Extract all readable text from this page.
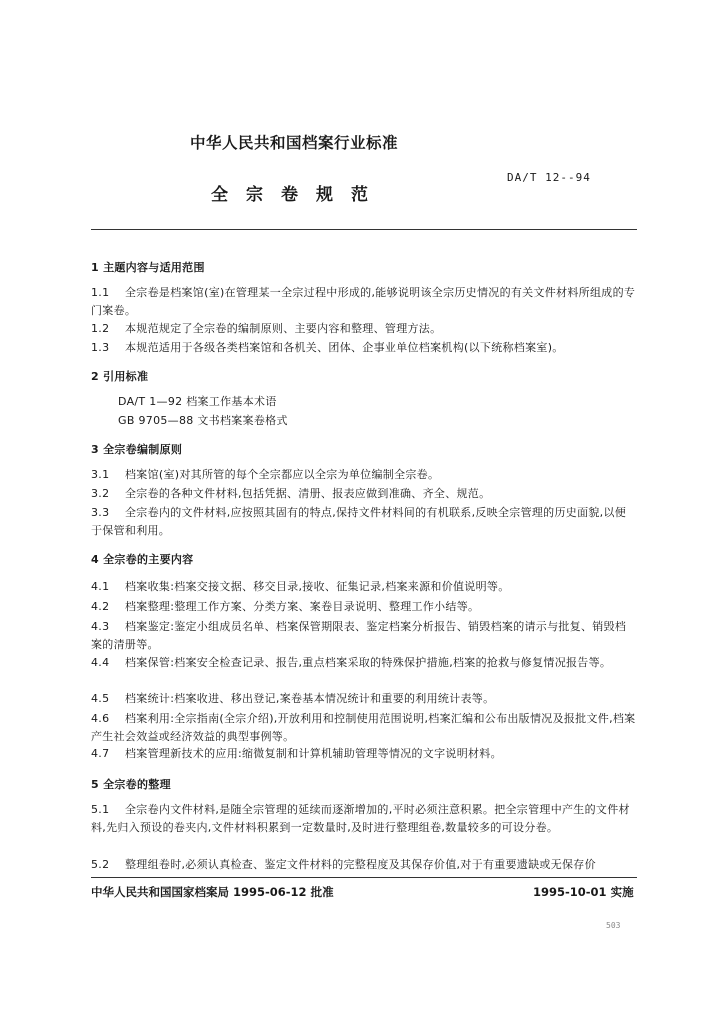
中华人民共和国档案行业标准
DA/T 12--94
全宗卷规范
1 主题内容与适用范围
1.1 全宗卷是档案馆(室)在管理某一全宗过程中形成的,能够说明该全宗历史情况的有关文件材料所组成的专门案卷。
1.2 本规范规定了全宗卷的编制原则、主要内容和整理、管理方法。
1.3 本规范适用于各级各类档案馆和各机关、团体、企事业单位档案机构(以下统称档案室)。
2 引用标准
DA/T 1—92 档案工作基本术语
GB 9705—88 文书档案案卷格式
3 全宗卷编制原则
3.1 档案馆(室)对其所管的每个全宗都应以全宗为单位编制全宗卷。
3.2 全宗卷的各种文件材料,包括凭据、清册、报表应做到准确、齐全、规范。
3.3 全宗卷内的文件材料,应按照其固有的特点,保持文件材料间的有机联系,反映全宗管理的历史面貌,以便于保管和利用。
4 全宗卷的主要内容
4.1 档案收集:档案交接文据、移交目录,接收、征集记录,档案来源和价值说明等。
4.2 档案整理:整理工作方案、分类方案、案卷目录说明、整理工作小结等。
4.3 档案鉴定:鉴定小组成员名单、档案保管期限表、鉴定档案分析报告、销毁档案的请示与批复、销毁档案的清册等。
4.4 档案保管:档案安全检查记录、报告,重点档案采取的特殊保护措施,档案的抢救与修复情况报告等。
4.5 档案统计:档案收进、移出登记,案卷基本情况统计和重要的利用统计表等。
4.6 档案利用:全宗指南(全宗介绍),开放利用和控制使用范围说明,档案汇编和公布出版情况及报批文件,档案产生社会效益或经济效益的典型事例等。
4.7 档案管理新技术的应用:缩微复制和计算机辅助管理等情况的文字说明材料。
5 全宗卷的整理
5.1 全宗卷内文件材料,是随全宗管理的延续而逐渐增加的,平时必须注意积累。把全宗管理中产生的文件材料,先归入预设的卷夹内,文件材料积累到一定数量时,及时进行整理组卷,数量较多的可设分卷。
5.2 整理组卷时,必须认真检查、鉴定文件材料的完整程度及其保存价值,对于有重要遗缺或无保存价
中华人民共和国国家档案局 1995-06-12 批准	1995-10-01 实施
503
